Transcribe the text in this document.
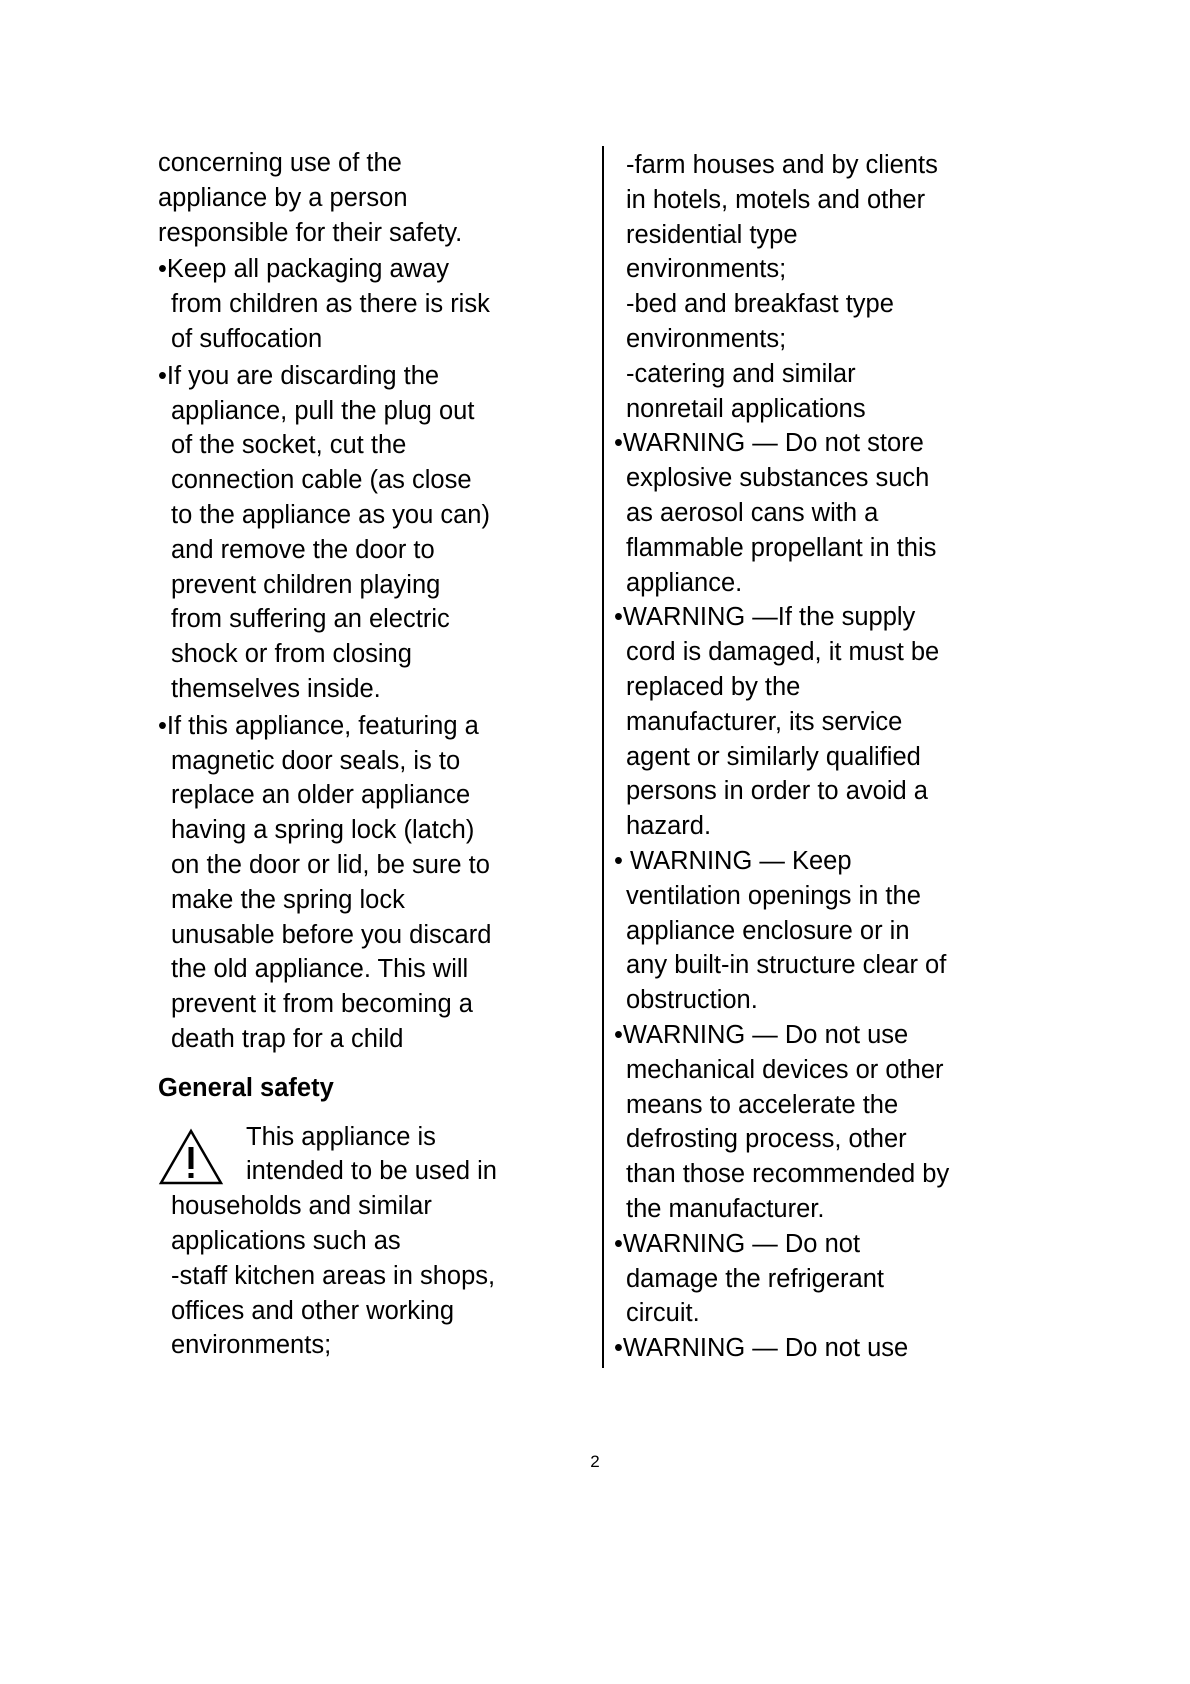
concerning use of the
appliance by a person
responsible for their safety.
•Keep all packaging away
from children as there is risk
of suffocation
•If you are discarding the
appliance, pull the plug out
of the socket, cut the
connection cable (as close
to the appliance as you can)
and remove the door to
prevent children playing
from suffering an electric
shock or from closing
themselves inside.
•If this appliance, featuring a
magnetic door seals, is to
replace an older appliance
having a spring lock (latch)
on the door or lid, be sure to
make the spring lock
unusable before you discard
the old appliance. This will
prevent it from becoming a
death trap for a child
General safety
This appliance is
intended to be used in
households and similar
applications such as
-staff kitchen areas in shops,
offices and other working
environments;
-farm houses and by clients
in hotels, motels and other
residential type
environments;
-bed and breakfast type
environments;
-catering and similar
nonretail applications
•WARNING — Do not store
explosive substances such
as aerosol cans with a
flammable propellant in this
appliance.
•WARNING —If the supply
cord is damaged, it must be
replaced by the
manufacturer, its service
agent or similarly qualified
persons in order to avoid a
hazard.
• WARNING — Keep
ventilation openings in the
appliance enclosure or in
any built-in structure clear of
obstruction.
•WARNING — Do not use
mechanical devices or other
means to accelerate the
defrosting process, other
than those recommended by
the manufacturer.
•WARNING — Do not
damage the refrigerant
circuit.
•WARNING — Do not use
2
